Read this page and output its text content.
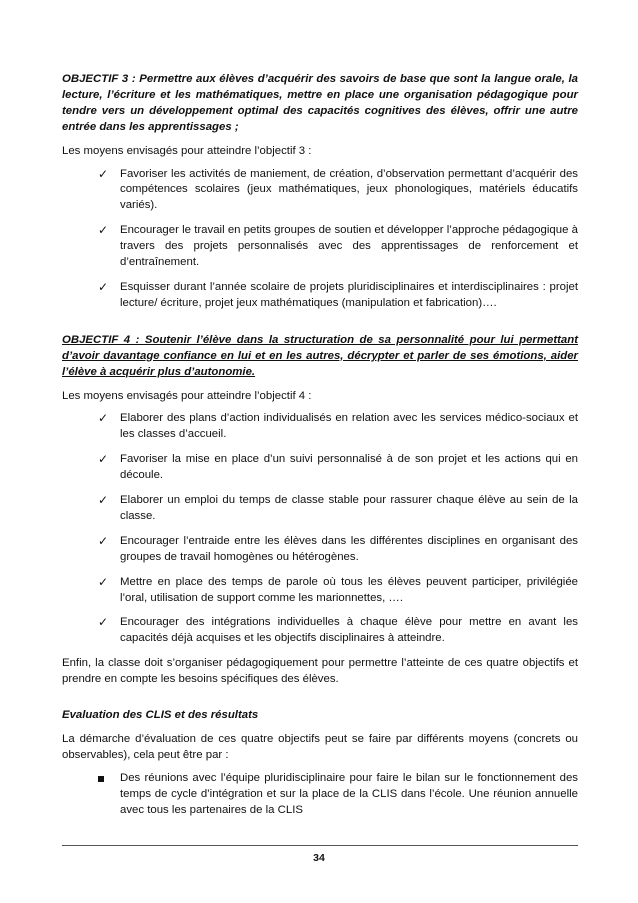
OBJECTIF 3 : Permettre aux élèves d’acquérir des savoirs de base que sont la langue orale, la lecture, l’écriture et les mathématiques, mettre en place une organisation pédagogique pour tendre vers un développement optimal des capacités cognitives des élèves, offrir une autre entrée dans les apprentissages ;
Les moyens envisagés pour atteindre l’objectif 3 :
✓	Favoriser les activités de maniement, de création, d’observation permettant d’acquérir des compétences scolaires (jeux mathématiques, jeux phonologiques, matériels éducatifs variés).
✓	Encourager le travail en petits groupes de soutien et développer l’approche pédagogique à travers des projets personnalisés avec des apprentissages de renforcement et d’entraînement.
✓	Esquisser durant l’année scolaire de projets pluridisciplinaires et interdisciplinaires : projet lecture/ écriture, projet jeux mathématiques (manipulation et fabrication)….
OBJECTIF 4 : Soutenir l’élève dans la structuration de sa personnalité pour lui permettant d’avoir davantage confiance en lui et en les autres, décrypter et parler de ses émotions, aider l’élève à acquérir plus d’autonomie.
Les moyens envisagés pour atteindre l’objectif 4 :
✓	Elaborer des plans d’action individualisés en relation avec les services médico-sociaux et les classes d’accueil.
✓	Favoriser la mise en place d’un suivi personnalisé à de son projet et les actions qui en découle.
✓	Elaborer un emploi du temps de classe stable pour rassurer chaque élève au sein de la classe.
✓	Encourager l’entraide entre les élèves dans les différentes disciplines en organisant des groupes de travail homogènes ou hétérogènes.
✓	Mettre en place des temps de parole où tous les élèves peuvent participer, privilégiée l’oral, utilisation de support comme les marionnettes, ….
✓	Encourager des intégrations individuelles à chaque élève pour mettre en avant les capacités déjà acquises et les objectifs disciplinaires à atteindre.
Enfin, la classe doit s’organiser pédagogiquement pour permettre l’atteinte de ces quatre objectifs et prendre en compte les besoins spécifiques des élèves.
Evaluation des CLIS et des résultats
La démarche d’évaluation de ces quatre objectifs peut se faire par différents moyens (concrets ou observables), cela peut être par :
Des réunions avec l’équipe pluridisciplinaire pour faire le bilan sur le fonctionnement des temps de cycle d’intégration et sur la place de la CLIS dans l’école. Une réunion annuelle avec tous les partenaires de la CLIS
34
